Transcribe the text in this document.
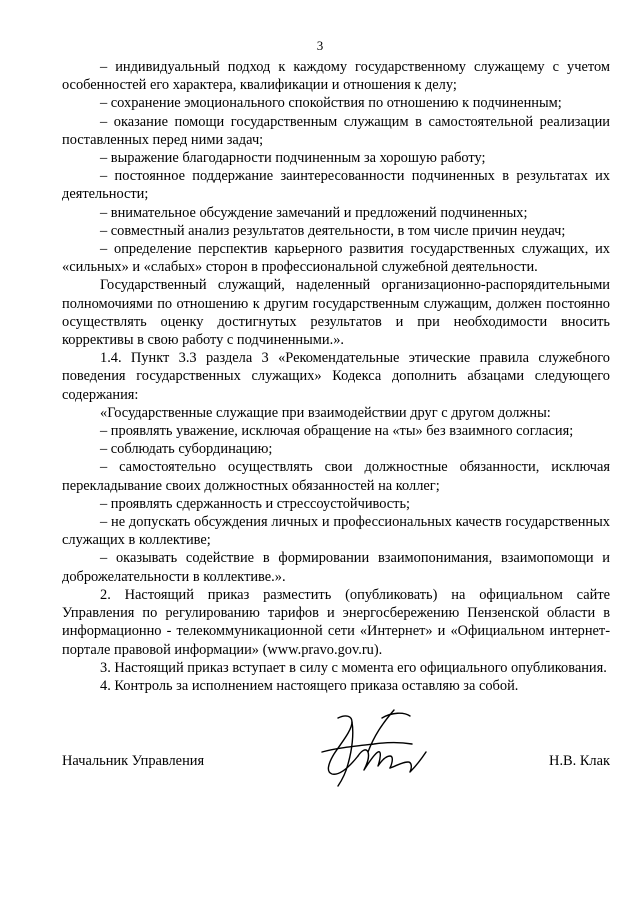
3

– индивидуальный подход к каждому государственному служащему с учетом особенностей его характера, квалификации и отношения к делу;

– сохранение эмоционального спокойствия по отношению к подчиненным;

– оказание помощи государственным служащим в самостоятельной реализации поставленных перед ними задач;

– выражение благодарности подчиненным за хорошую работу;

– постоянное поддержание заинтересованности подчиненных в результатах их деятельности;

– внимательное обсуждение замечаний и предложений подчиненных;

– совместный анализ результатов деятельности, в том числе причин неудач;

– определение перспектив карьерного развития государственных служащих, их «сильных» и «слабых» сторон в профессиональной служебной деятельности.

Государственный служащий, наделенный организационно-распорядительными полномочиями по отношению к другим государственным служащим, должен постоянно осуществлять оценку достигнутых результатов и при необходимости вносить коррективы в свою работу с подчиненными.».

1.4. Пункт 3.3 раздела 3 «Рекомендательные этические правила служебного поведения государственных служащих» Кодекса дополнить абзацами следующего содержания:

«Государственные служащие при взаимодействии друг с другом должны:

– проявлять уважение, исключая обращение на «ты» без взаимного согласия;

– соблюдать субординацию;

– самостоятельно осуществлять свои должностные обязанности, исключая перекладывание своих должностных обязанностей на коллег;

– проявлять сдержанность и стрессоустойчивость;

– не допускать обсуждения личных и профессиональных качеств государственных служащих в коллективе;

– оказывать содействие в формировании взаимопонимания, взаимопомощи и доброжелательности в коллективе.».

2. Настоящий приказ разместить (опубликовать) на официальном сайте Управления по регулированию тарифов и энергосбережению Пензенской области в информационно - телекоммуникационной сети «Интернет» и «Официальном интернет-портале правовой информации» (www.pravo.gov.ru).

3. Настоящий приказ вступает в силу с момента его официального опубликования.

4. Контроль за исполнением настоящего приказа оставляю за собой.

Начальник Управления	Н.В. Клак
